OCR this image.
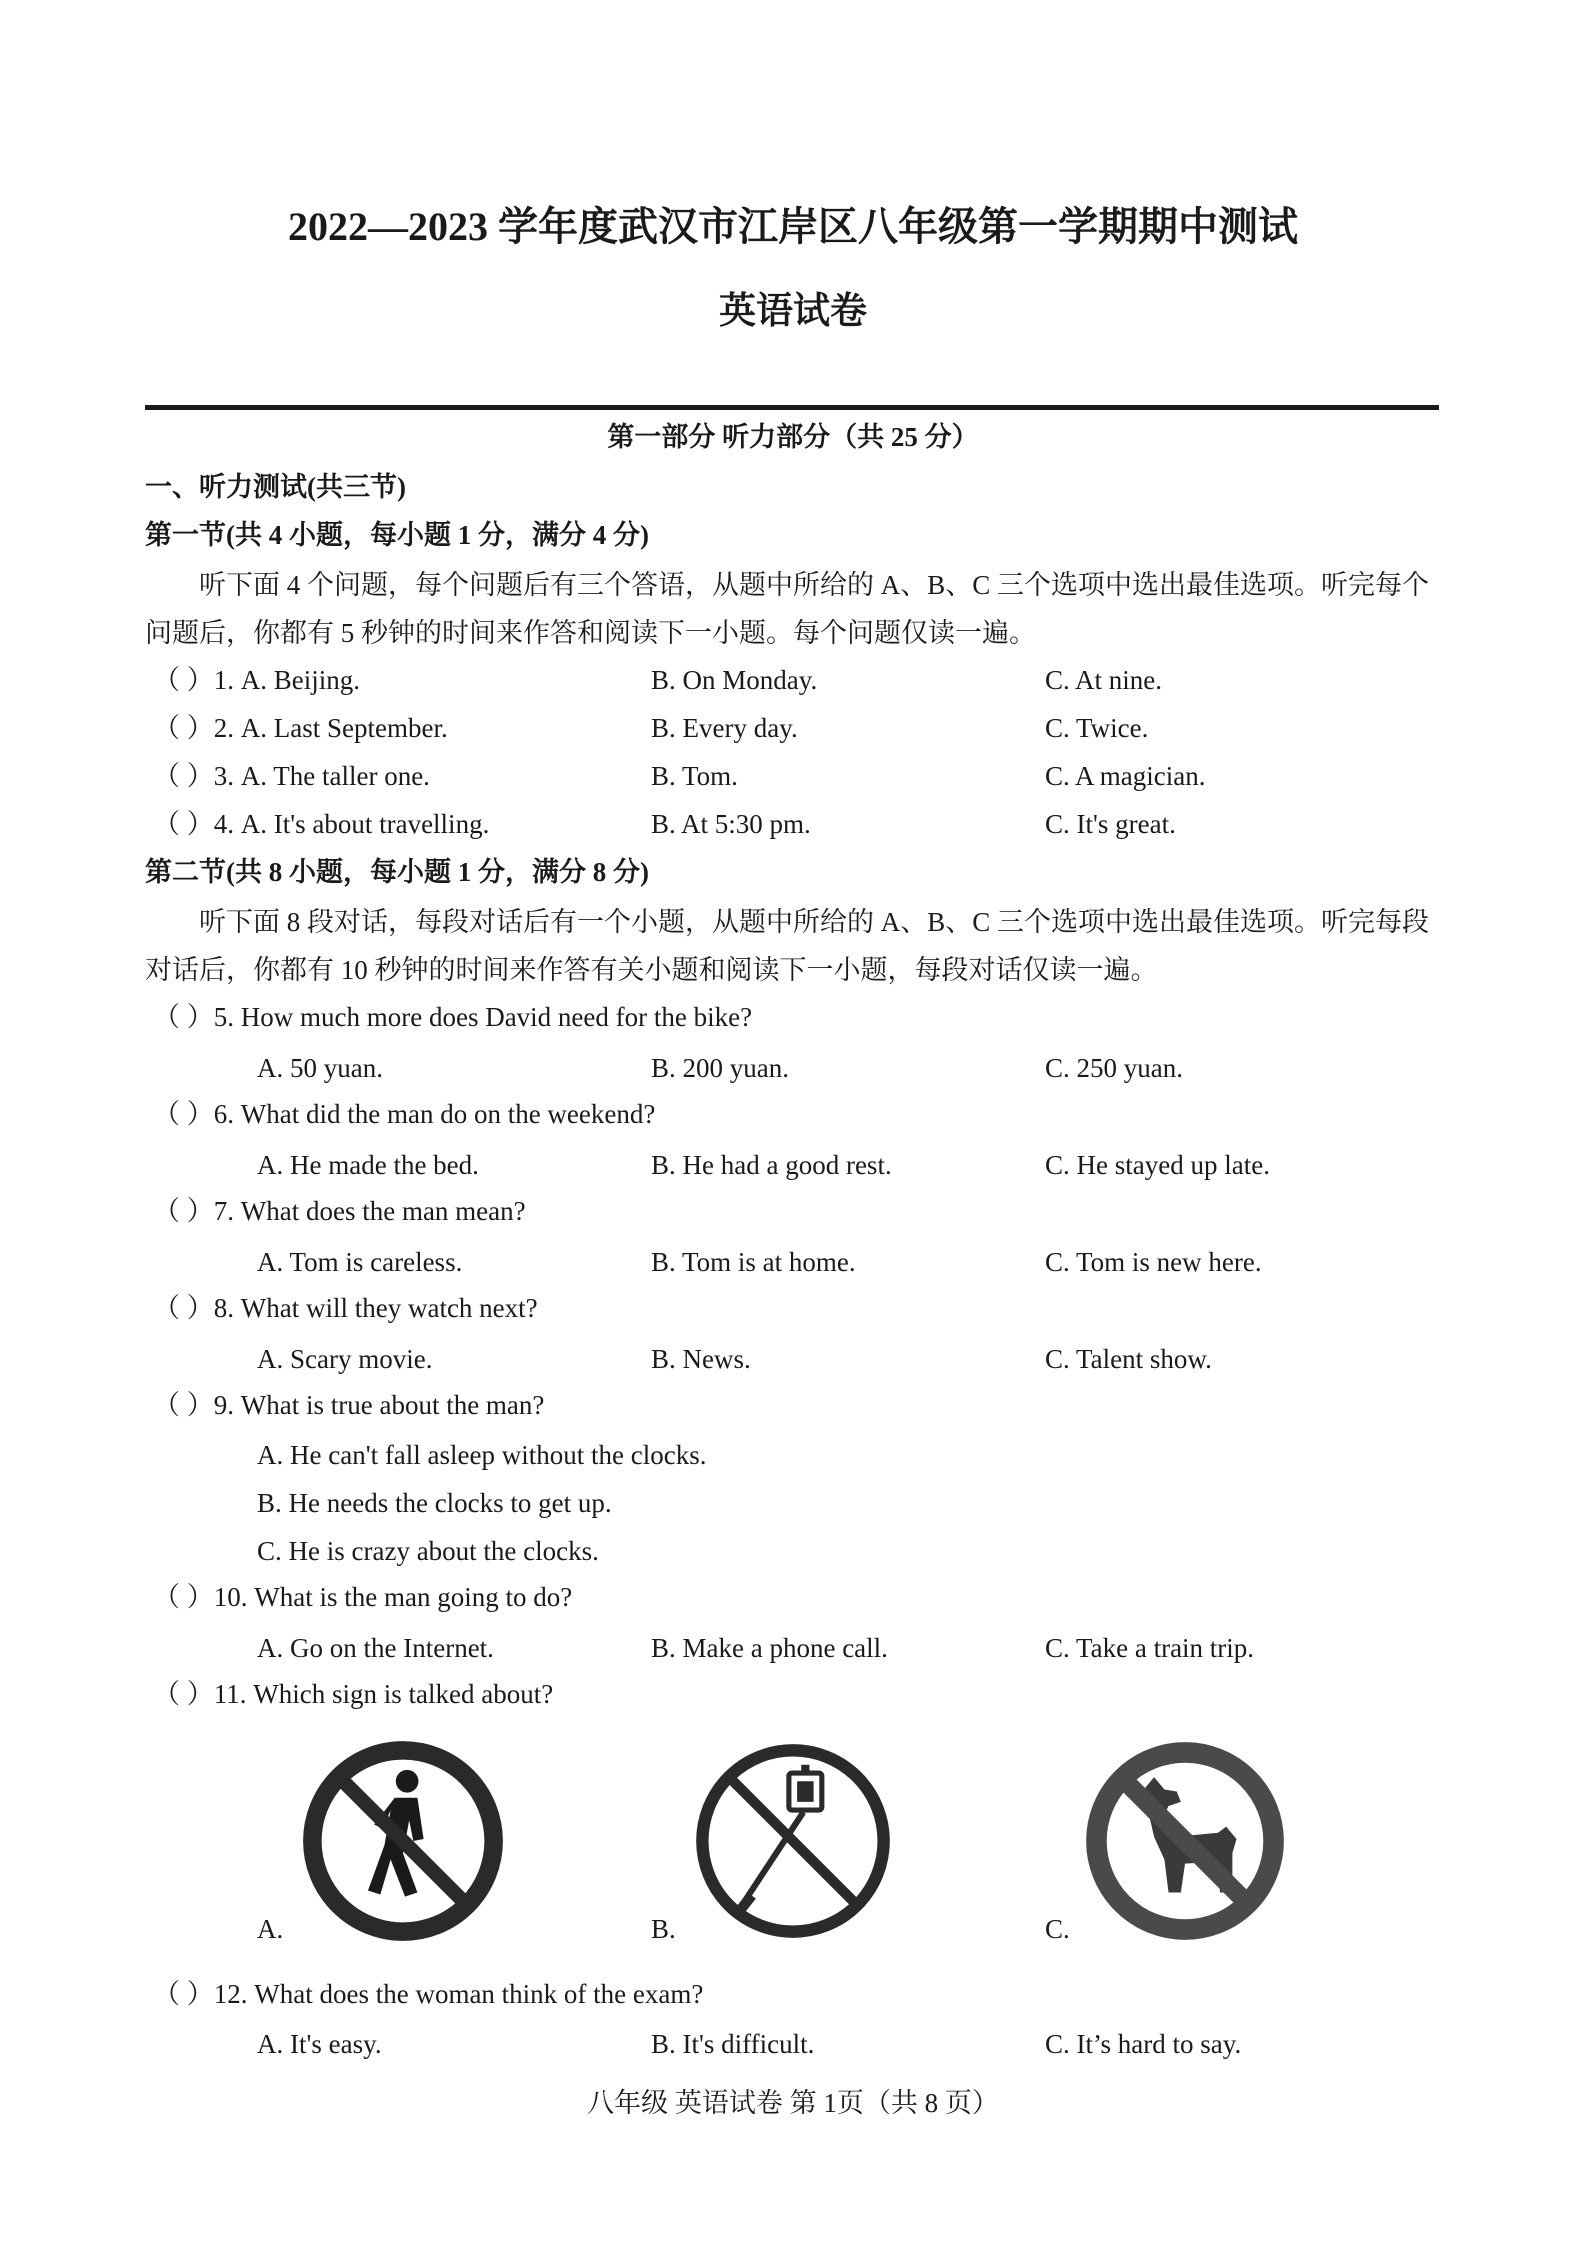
2022—2023 学年度武汉市江岸区八年级第一学期期中测试
英语试卷
第一部分 听力部分（共 25 分）
一、听力测试(共三节)
第一节(共 4 小题，每小题 1 分，满分 4 分)
听下面 4 个问题，每个问题后有三个答语，从题中所给的 A、B、C 三个选项中选出最佳选项。听完每个问题后，你都有 5 秒钟的时间来作答和阅读下一小题。每个问题仅读一遍。
（ ）1. A. Beijing.	B. On Monday.	C. At nine.
（ ）2. A. Last September.	B. Every day.	C. Twice.
（ ）3. A. The taller one.	B. Tom.	C. A magician.
（ ）4. A. It's about travelling.	B. At 5:30 pm.	C. It's great.
第二节(共 8 小题，每小题 1 分，满分 8 分)
听下面 8 段对话，每段对话后有一个小题，从题中所给的 A、B、C 三个选项中选出最佳选项。听完每段对话后，你都有 10 秒钟的时间来作答有关小题和阅读下一小题，每段对话仅读一遍。
（ ）5. How much more does David need for the bike?
A. 50 yuan.	B. 200 yuan.	C. 250 yuan.
（ ）6. What did the man do on the weekend?
A. He made the bed.	B. He had a good rest.	C. He stayed up late.
（ ）7. What does the man mean?
A. Tom is careless.	B. Tom is at home.	C. Tom is new here.
（ ）8. What will they watch next?
A. Scary movie.	B. News.	C. Talent show.
（ ）9. What is true about the man?
A. He can't fall asleep without the clocks.
B. He needs the clocks to get up.
C. He is crazy about the clocks.
（ ）10. What is the man going to do?
A. Go on the Internet.	B. Make a phone call.	C. Take a train trip.
（ ）11. Which sign is talked about?
A.	B.	C.
（ ）12. What does the woman think of the exam?
A. It's easy.	B. It's difficult.	C. It’s hard to say.
八年级 英语试卷 第 1页（共 8 页）
